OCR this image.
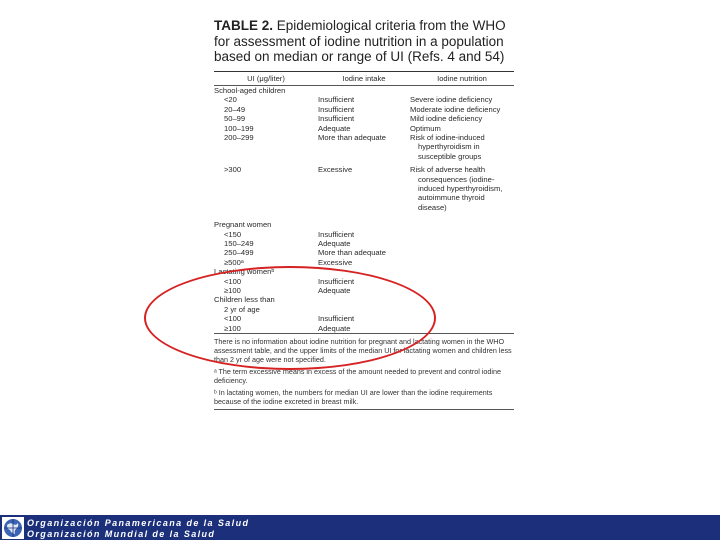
TABLE 2. Epidemiological criteria from the WHO for assessment of iodine nutrition in a population based on median or range of UI (Refs. 4 and 54)
UI (μg/liter)	Iodine intake	Iodine nutrition
School-aged children		
<20	Insufficient	Severe iodine deficiency

20–49	Insufficient	Moderate iodine deficiency

50–99	Insufficient	Mild iodine deficiency

100–199	Adequate	Optimum

200–299	More than adequate	Risk of iodine-induced hyperthyroidism in susceptible groups

>300	Excessive	Risk of adverse health consequences (iodine-induced hyperthyroidism, autoimmune thyroid disease)

Pregnant women		
<150	Insufficient	
150–249	Adequate	
250–499	More than adequate	
≥500ᵃ	Excessive	
Lactating womenᵇ		
<100	Insufficient	
≥100	Adequate	
Children less than		
2 yr of age		
<100	Insufficient	
≥100	Adequate	

There is no information about iodine nutrition for pregnant and lactating women in the WHO assessment table, and the upper limits of the median UI for lactating women and children less than 2 yr of age were not specified.

ᵃ The term excessive means in excess of the amount needed to prevent and control iodine deficiency.

ᵇ In lactating women, the numbers for median UI are lower than the iodine requirements because of the iodine excreted in breast milk.

Organización Panamericana de la Salud
Organización Mundial de la Salud
